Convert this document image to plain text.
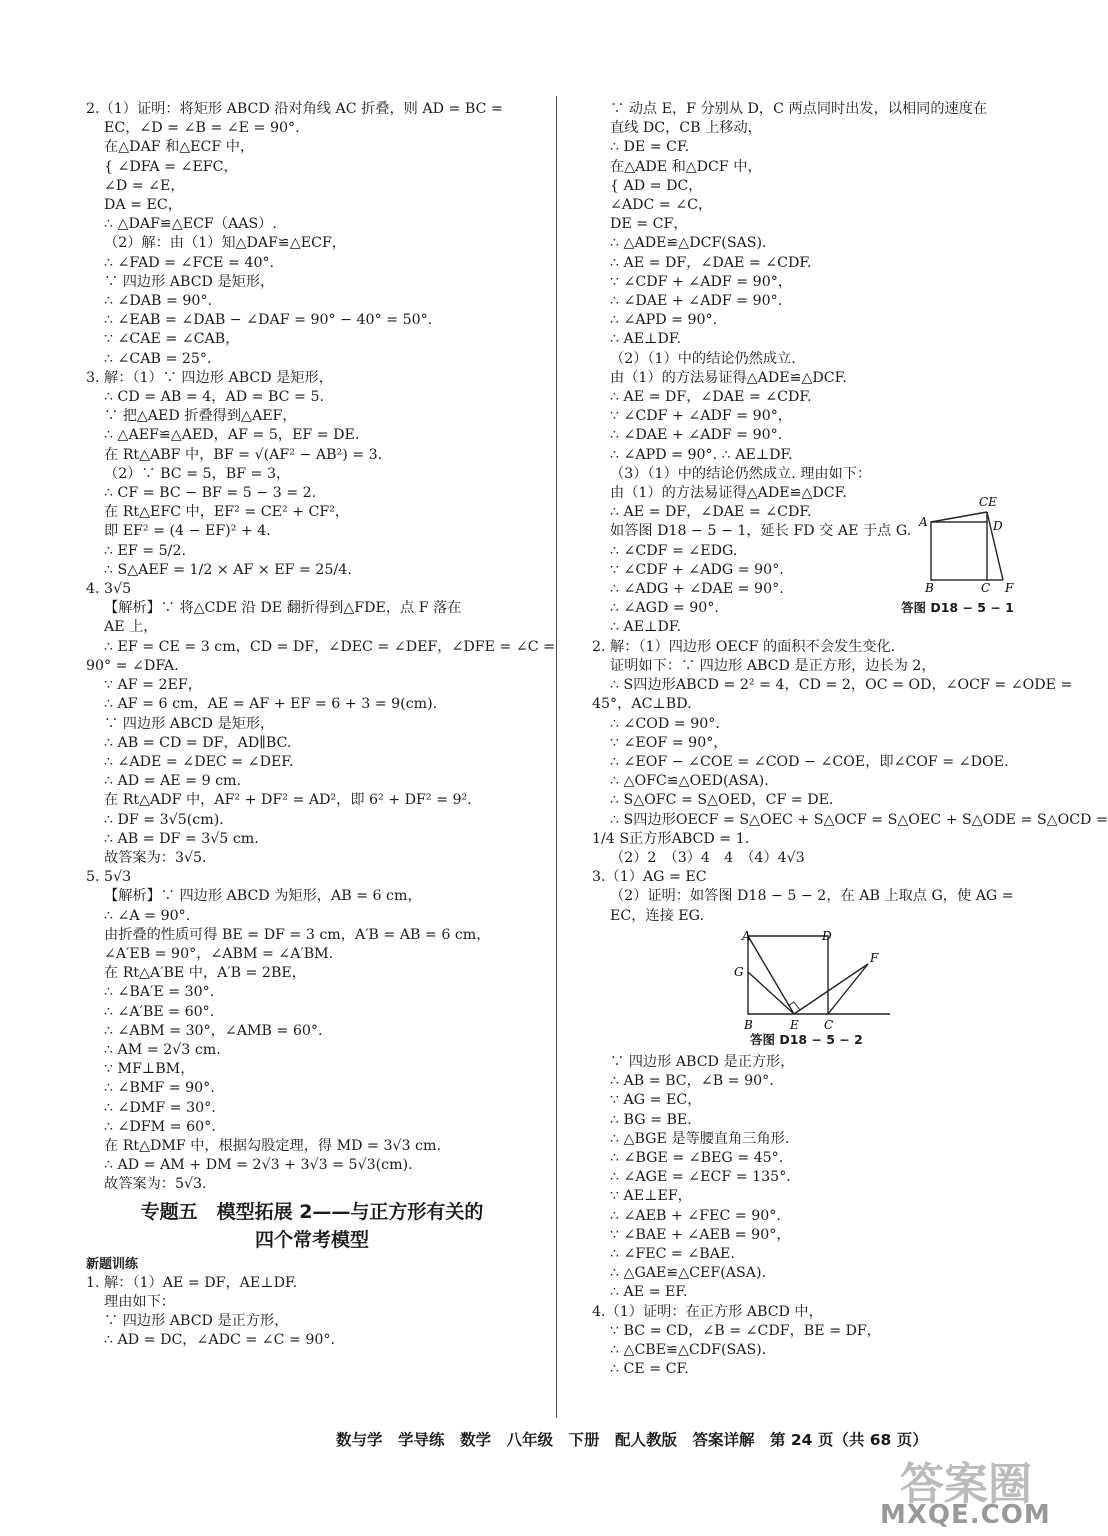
2.（1）证明：将矩形 ABCD 沿对角线 AC 折叠，则 AD = BC =
EC，∠D = ∠B = ∠E = 90°.
在△DAF 和△ECF 中，
{ ∠DFA = ∠EFC，
∠D = ∠E，
DA = EC，
∴ △DAF≌△ECF（AAS）.
（2）解：由（1）知△DAF≌△ECF，
∴ ∠FAD = ∠FCE = 40°.
∵ 四边形 ABCD 是矩形，
∴ ∠DAB = 90°.
∴ ∠EAB = ∠DAB − ∠DAF = 90° − 40° = 50°.
∵ ∠CAE = ∠CAB，
∴ ∠CAB = 25°.
3. 解：（1）∵ 四边形 ABCD 是矩形，
∴ CD = AB = 4，AD = BC = 5.
∵ 把△AED 折叠得到△AEF，
∴ △AEF≌△AED，AF = 5，EF = DE.
在 Rt△ABF 中，BF = √(AF² − AB²) = 3.
（2）∵ BC = 5，BF = 3，
∴ CF = BC − BF = 5 − 3 = 2.
在 Rt△EFC 中，EF² = CE² + CF²，
即 EF² = (4 − EF)² + 4.
∴ EF = 5/2.
∴ S△AEF = 1/2 × AF × EF = 25/4.
4. 3√5
【解析】∵ 将△CDE 沿 DE 翻折得到△FDE，点 F 落在
AE 上，
∴ EF = CE = 3 cm，CD = DF，∠DEC = ∠DEF，∠DFE = ∠C =
90° = ∠DFA.
∵ AF = 2EF，
∴ AF = 6 cm，AE = AF + EF = 6 + 3 = 9(cm).
∵ 四边形 ABCD 是矩形，
∴ AB = CD = DF，AD∥BC.
∴ ∠ADE = ∠DEC = ∠DEF.
∴ AD = AE = 9 cm.
在 Rt△ADF 中，AF² + DF² = AD²，即 6² + DF² = 9².
∴ DF = 3√5(cm).
∴ AB = DF = 3√5 cm.
故答案为：3√5.
5. 5√3
【解析】∵ 四边形 ABCD 为矩形，AB = 6 cm，
∴ ∠A = 90°.
由折叠的性质可得 BE = DF = 3 cm，A′B = AB = 6 cm，
∠A′EB = 90°，∠ABM = ∠A′BM.
在 Rt△A′BE 中，A′B = 2BE，
∴ ∠BA′E = 30°.
∴ ∠A′BE = 60°.
∴ ∠ABM = 30°，∠AMB = 60°.
∴ AM = 2√3 cm.
∵ MF⊥BM，
∴ ∠BMF = 90°.
∴ ∠DMF = 30°.
∴ ∠DFM = 60°.
在 Rt△DMF 中，根据勾股定理，得 MD = 3√3 cm.
∴ AD = AM + DM = 2√3 + 3√3 = 5√3(cm).
故答案为：5√3.
专题五　模型拓展 2——与正方形有关的
四个常考模型
新题训练
1. 解：（1）AE = DF，AE⊥DF.
理由如下：
∵ 四边形 ABCD 是正方形，
∴ AD = DC，∠ADC = ∠C = 90°.
∵ 动点 E，F 分别从 D，C 两点同时出发，以相同的速度在
直线 DC，CB 上移动，
∴ DE = CF.
在△ADE 和△DCF 中，
{ AD = DC，
∠ADC = ∠C，
DE = CF，
∴ △ADE≌△DCF(SAS).
∴ AE = DF，∠DAE = ∠CDF.
∵ ∠CDF + ∠ADF = 90°，
∴ ∠DAE + ∠ADF = 90°.
∴ ∠APD = 90°.
∴ AE⊥DF.
（2）（1）中的结论仍然成立.
由（1）的方法易证得△ADE≌△DCF.
∴ AE = DF，∠DAE = ∠CDF.
∵ ∠CDF + ∠ADF = 90°，
∴ ∠DAE + ∠ADF = 90°.
∴ ∠APD = 90°. ∴ AE⊥DF.
（3）（1）中的结论仍然成立. 理由如下：
由（1）的方法易证得△ADE≌△DCF.
∴ AE = DF，∠DAE = ∠CDF.
如答图 D18 − 5 − 1，延长 FD 交 AE 于点 G.
∴ ∠CDF = ∠EDG.
∵ ∠CDF + ∠ADG = 90°.
∴ ∠ADG + ∠DAE = 90°.
∴ ∠AGD = 90°.
∴ AE⊥DF.
2. 解：（1）四边形 OECF 的面积不会发生变化.
证明如下：∵ 四边形 ABCD 是正方形，边长为 2，
∴ S四边形ABCD = 2² = 4，CD = 2，OC = OD，∠OCF = ∠ODE =
45°，AC⊥BD.
∴ ∠COD = 90°.
∵ ∠EOF = 90°，
∴ ∠EOF − ∠COE = ∠COD − ∠COE，即∠COF = ∠DOE.
∴ △OFC≌△OED(ASA).
∴ S△OFC = S△OED，CF = DE.
∴ S四边形OECF = S△OEC + S△OCF = S△OEC + S△ODE = S△OCD =
1/4 S正方形ABCD = 1.
（2）2　（3）4　4　（4）4√3
3.（1）AG = EC
（2）证明：如答图 D18 − 5 − 2，在 AB 上取点 G，使 AG =
EC，连接 EG.
A
CE
D
B	C F
答图 D18 − 5 − 1
A	D
G
B	E C
F
答图 D18 − 5 − 2
∵ 四边形 ABCD 是正方形，
∴ AB = BC，∠B = 90°.
∵ AG = EC，
∴ BG = BE.
∴ △BGE 是等腰直角三角形.
∴ ∠BGE = ∠BEG = 45°.
∴ ∠AGE = ∠ECF = 135°.
∵ AE⊥EF，
∴ ∠AEB + ∠FEC = 90°.
∵ ∠BAE + ∠AEB = 90°，
∴ ∠FEC = ∠BAE.
∴ △GAE≌△CEF(ASA).
∴ AE = EF.
4.（1）证明：在正方形 ABCD 中，
∵ BC = CD，∠B = ∠CDF，BE = DF，
∴ △CBE≌△CDF(SAS).
∴ CE = CF.
数与学　学导练　数学　八年级　下册　配人教版　答案详解　第 24 页（共 68 页）
答案圈
MXQE.COM
